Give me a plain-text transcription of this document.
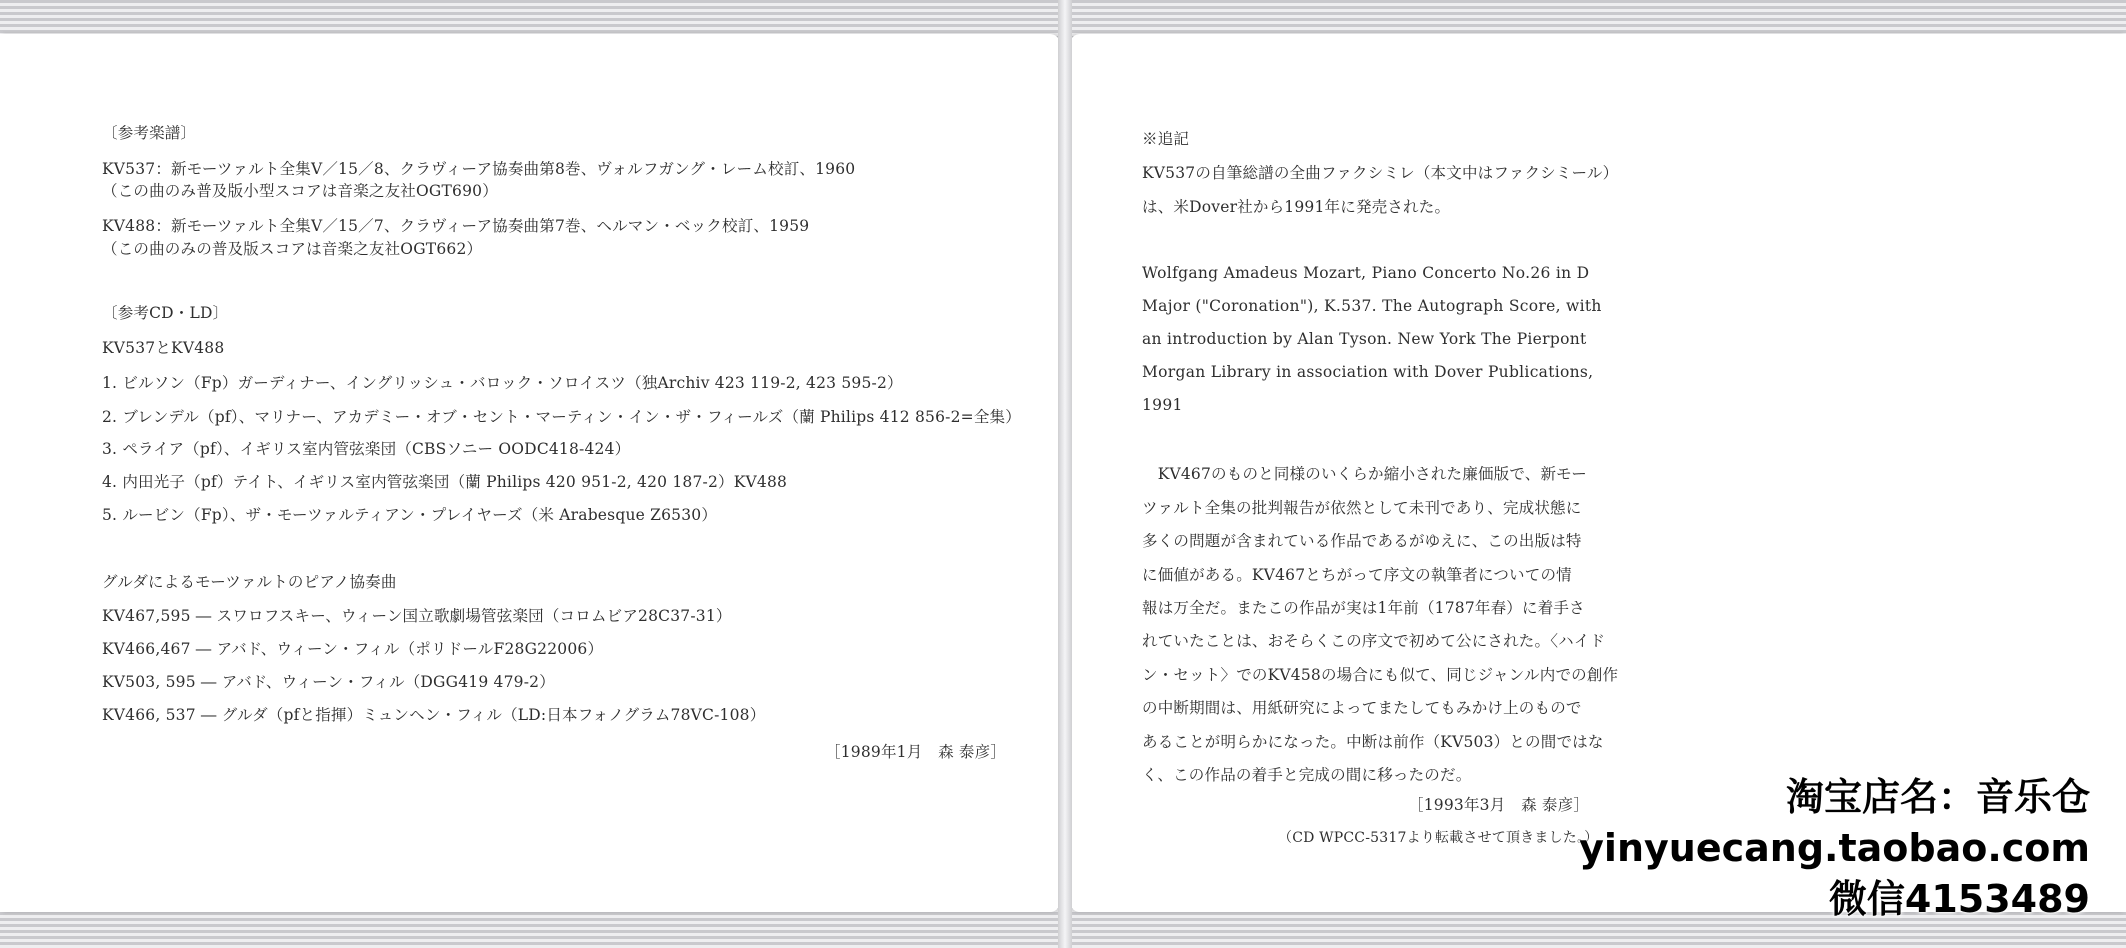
〔参考楽譜〕
KV537：新モーツァルト全集Ⅴ／15／8、クラヴィーア協奏曲第8巻、ヴォルフガング・レーム校訂、1960
（この曲のみ普及版小型スコアは音楽之友社OGT690）
KV488：新モーツァルト全集Ⅴ／15／7、クラヴィーア協奏曲第7巻、ヘルマン・ベック校訂、1959
（この曲のみの普及版スコアは音楽之友社OGT662）
〔参考CD・LD〕
KV537とKV488
1. ビルソン（Fp）ガーディナー、イングリッシュ・バロック・ソロイスツ（独Archiv 423 119-2, 423 595-2）
2. ブレンデル（pf）、マリナー、アカデミー・オブ・セント・マーティン・イン・ザ・フィールズ（蘭 Philips 412 856-2=全集）
3. ペライア（pf）、イギリス室内管弦楽団（CBSソニー OODC418-424）
4. 内田光子（pf）テイト、イギリス室内管弦楽団（蘭 Philips 420 951-2, 420 187-2）KV488
5. ルービン（Fp）、ザ・モーツァルティアン・プレイヤーズ（米 Arabesque Z6530）
グルダによるモーツァルトのピアノ協奏曲
KV467,595 ― スワロフスキー、ウィーン国立歌劇場管弦楽団（コロムビア28C37-31）
KV466,467 ― アバド、ウィーン・フィル（ポリドールF28G22006）
KV503, 595 ― アバド、ウィーン・フィル（DGG419 479-2）
KV466, 537 ― グルダ（pfと指揮）ミュンヘン・フィル（LD:日本フォノグラム78VC-108）
［1989年1月　森 泰彦］
※追記
KV537の自筆総譜の全曲ファクシミレ（本文中はファクシミール）
は、米Dover社から1991年に発売された。
Wolfgang Amadeus Mozart, Piano Concerto No.26 in D
Major ("Coronation"), K.537. The Autograph Score, with
an introduction by Alan Tyson. New York The Pierpont
Morgan Library in association with Dover Publications,
1991
　KV467のものと同様のいくらか縮小された廉価版で、新モー
ツァルト全集の批判報告が依然として未刊であり、完成状態に
多くの問題が含まれている作品であるがゆえに、この出版は特
に価値がある。KV467とちがって序文の執筆者についての情
報は万全だ。またこの作品が実は1年前（1787年春）に着手さ
れていたことは、おそらくこの序文で初めて公にされた。〈ハイド
ン・セット〉でのKV458の場合にも似て、同じジャンル内での創作
の中断期間は、用紙研究によってまたしてもみかけ上のもので
あることが明らかになった。中断は前作（KV503）との間ではな
く、この作品の着手と完成の間に移ったのだ。
［1993年3月　森 泰彦］
（CD WPCC-5317より転載させて頂きました。）
淘宝店名：音乐仓
yinyuecang.taobao.com
微信4153489
